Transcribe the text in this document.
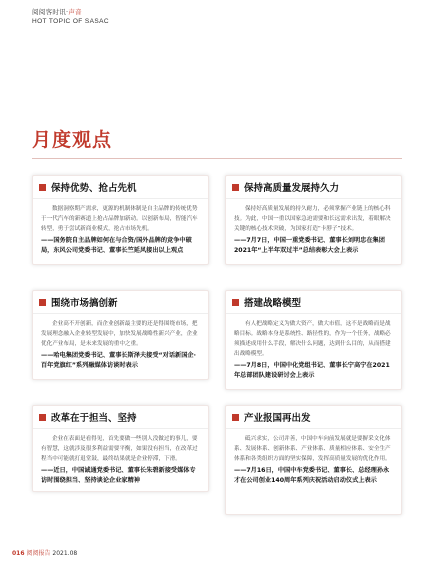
阅阅客时讯·声音
HOT TOPIC OF SASAC
月度观点
保持优势、抢占先机

数据洞察期产需求，更源的机制体制是自主品牌的传统优势于一代汽车的新赛道上抢占品牌加新动。以创新布局，智能汽车转型，勇于尝试新商业模式，抢占市场先机。

——国务院自主品牌如何在与合资/国外品牌的竞争中破局，东风公司党委书记、董事长竺延风接出以上观点

保持高质量发展持久力

保持好高质量发展的持久耐力，必须掌握产业链上的核心科技。为此，中国一重以国家急迫需要和长远需求出发，着眼解决关键的核心技术突破，为国家打造“卡脖子”技术。

——7月7日，中国一重党委书记、董事长刘明忠在集团2021年“上半年双过半”总结表彰大会上表示

围绕市场搞创新

企业高不开创新，而企业创新最主要的还是得围绕市场，把发展理念融入企业转型发展中，加快发展战略性新兴产业，企业优化产业布局，是未来发展的重中之重。

——哈电集团党委书记、董事长斯泽夫接受“对话新国企·百年党旗红”系列融媒体访谈时表示

搭建战略模型

有人把战略定义为做大资产，做大市值，这不是战略而是战略目标。战略本身是系统性、路径性的，作为一个任务，战略必须描述成用什么手段，解决什么问题，达到什么目的，从而搭建出战略模型。

——7月8日，中国中化党组书记、董事长宁高宁在2021年总部团队建设研讨会上表示

改革在于担当、坚持

企业在表面是看得见，首先要做一些别人没做过的事儿，要有智慧，这就涉及很多利益需要平衡，如果没有担当，在改革过程当中可能就打退堂鼓，最终结果就是企业停滞，下滑。

——近日，中国诚通党委书记、董事长朱碧新接受媒体专访时围绕担当、坚持谈论企业家精神

产业报国再出发

砥兴求实，公司并善，中国中车向前发展就是要摒采文化体系、发展体系、创新体系、产业体系、质量相应体系、安全生产体系和各类组织方面的坚实保障，发挥高质量发展的优化作用。

——7月16日，中国中车党委书记、董事长、总经理孙永才在公司创业140周年系列庆祝活动启动仪式上表示

016 阅阅报告 2021.08
